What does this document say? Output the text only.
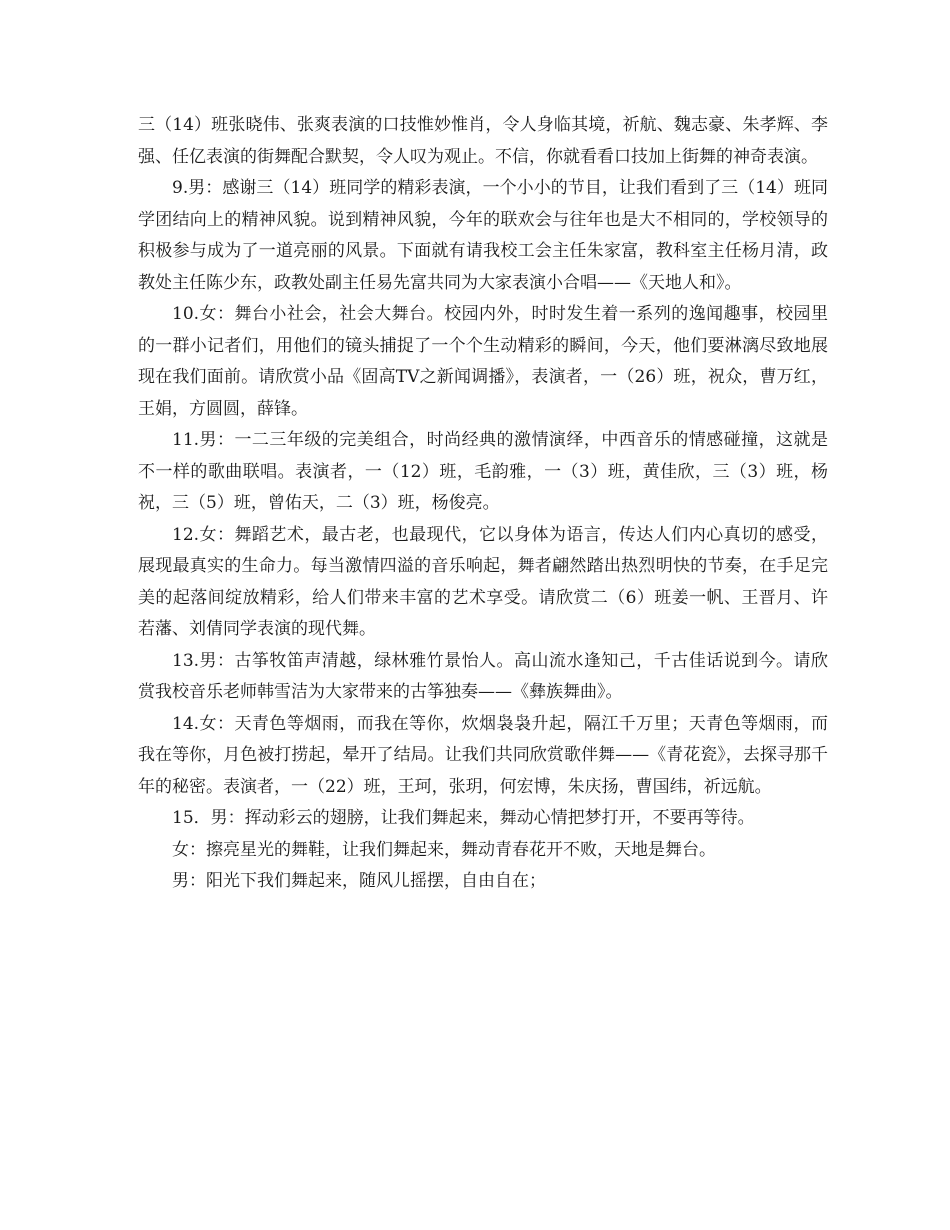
三（14）班张晓伟、张爽表演的口技惟妙惟肖，令人身临其境，祈航、魏志豪、朱孝辉、李强、任亿表演的街舞配合默契，令人叹为观止。不信，你就看看口技加上街舞的神奇表演。

9.男：感谢三（14）班同学的精彩表演，一个小小的节目，让我们看到了三（14）班同学团结向上的精神风貌。说到精神风貌，今年的联欢会与往年也是大不相同的，学校领导的积极参与成为了一道亮丽的风景。下面就有请我校工会主任朱家富，教科室主任杨月清，政教处主任陈少东，政教处副主任易先富共同为大家表演小合唱——《天地人和》。

10.女：舞台小社会，社会大舞台。校园内外，时时发生着一系列的逸闻趣事，校园里的一群小记者们，用他们的镜头捕捉了一个个生动精彩的瞬间，今天，他们要淋漓尽致地展现在我们面前。请欣赏小品《固高TV之新闻调播》，表演者，一（26）班，祝众，曹万红，王娟，方圆圆，薛锋。

11.男：一二三年级的完美组合，时尚经典的激情演绎，中西音乐的情感碰撞，这就是不一样的歌曲联唱。表演者，一（12）班，毛韵雅，一（3）班，黄佳欣，三（3）班，杨祝，三（5）班，曾佑天，二（3）班，杨俊亮。

12.女：舞蹈艺术，最古老，也最现代，它以身体为语言，传达人们内心真切的感受，展现最真实的生命力。每当激情四溢的音乐响起，舞者翩然踏出热烈明快的节奏，在手足完美的起落间绽放精彩，给人们带来丰富的艺术享受。请欣赏二（6）班姜一帆、王晋月、许若藩、刘倩同学表演的现代舞。

13.男：古筝牧笛声清越，绿林雅竹景怡人。高山流水逢知己，千古佳话说到今。请欣赏我校音乐老师韩雪洁为大家带来的古筝独奏——《彝族舞曲》。

14.女：天青色等烟雨，而我在等你，炊烟袅袅升起，隔江千万里；天青色等烟雨，而我在等你，月色被打捞起，晕开了结局。让我们共同欣赏歌伴舞——《青花瓷》，去探寻那千年的秘密。表演者，一（22）班，王珂，张玥，何宏博，朱庆扬，曹国纬，祈远航。

15．男：挥动彩云的翅膀，让我们舞起来，舞动心情把梦打开，不要再等待。

女：擦亮星光的舞鞋，让我们舞起来，舞动青春花开不败，天地是舞台。

男：阳光下我们舞起来，随风儿摇摆，自由自在；
